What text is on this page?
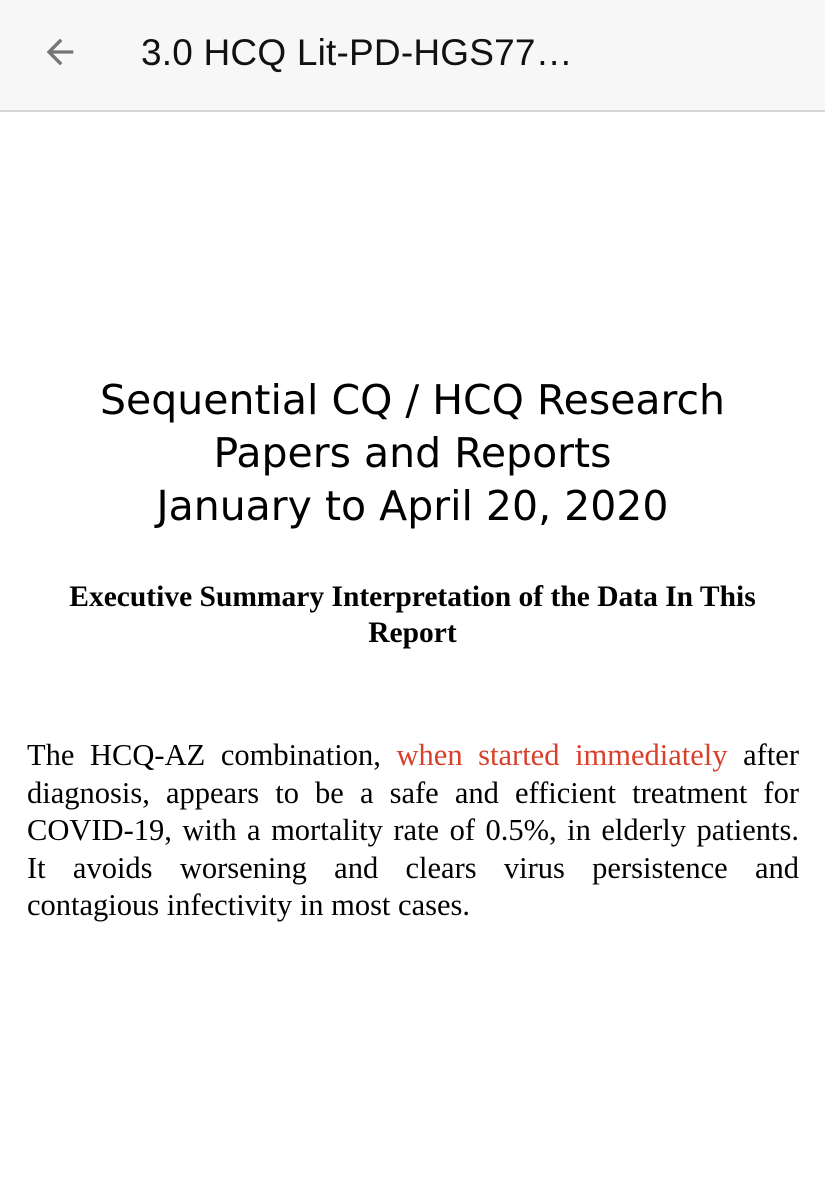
3.0 HCQ Lit-PD-HGS77…
Sequential CQ / HCQ Research
Papers and Reports
January to April 20, 2020
Executive Summary Interpretation of the Data In This Report
The HCQ-AZ combination, when started immediately after diagnosis, appears to be a safe and efficient treatment for COVID-19, with a mortality rate of 0.5%, in elderly patients. It avoids worsening and clears virus persistence and contagious infectivity in most cases.
